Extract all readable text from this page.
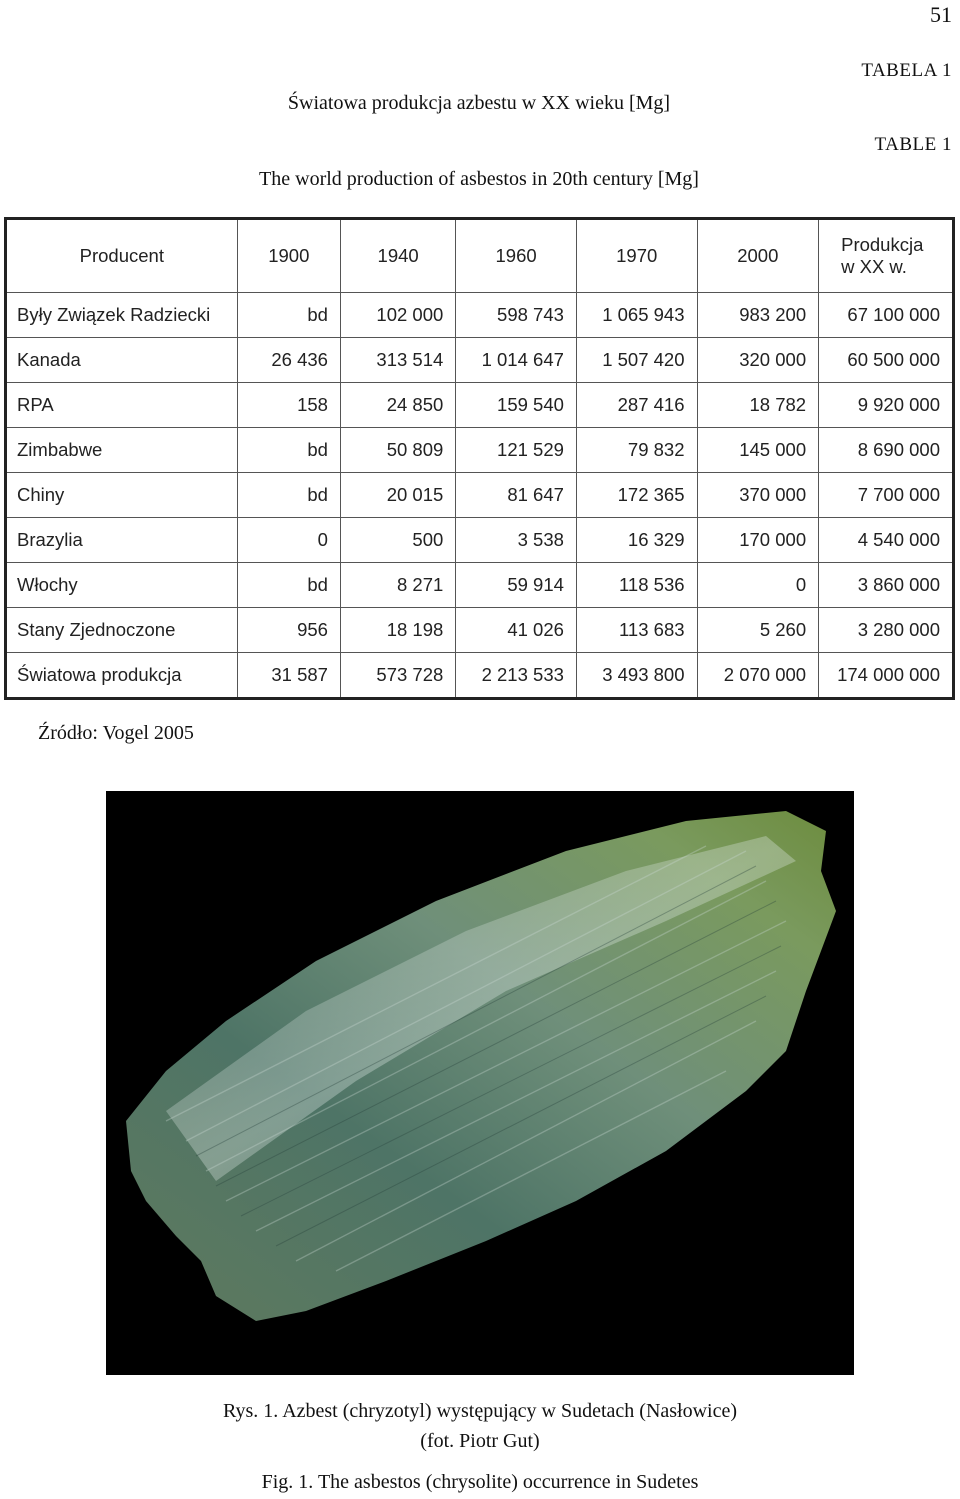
51
TABELA 1
TABLE 1
Światowa produkcja azbestu w XX wieku [Mg]
The world production of asbestos in 20th century [Mg]
Producent	1900	1940	1960	1970	2000	Produkcja
w XX w.
Były Związek Radziecki	bd	102 000	598 743	1 065 943	983 200	67 100 000
Kanada	26 436	313 514	1 014 647	1 507 420	320 000	60 500 000
RPA	158	24 850	159 540	287 416	18 782	9 920 000
Zimbabwe	bd	50 809	121 529	79 832	145 000	8 690 000
Chiny	bd	20 015	81 647	172 365	370 000	7 700 000
Brazylia	0	500	3 538	16 329	170 000	4 540 000
Włochy	bd	8 271	59 914	118 536	0	3 860 000
Stany Zjednoczone	956	18 198	41 026	113 683	5 260	3 280 000
Światowa produkcja	31 587	573 728	2 213 533	3 493 800	2 070 000	174 000 000
Źródło: Vogel 2005
Rys. 1. Azbest (chryzotyl) występujący w Sudetach (Nasłowice)
(fot. Piotr Gut)
Fig. 1. The asbestos (chrysolite) occurrence in Sudetes
